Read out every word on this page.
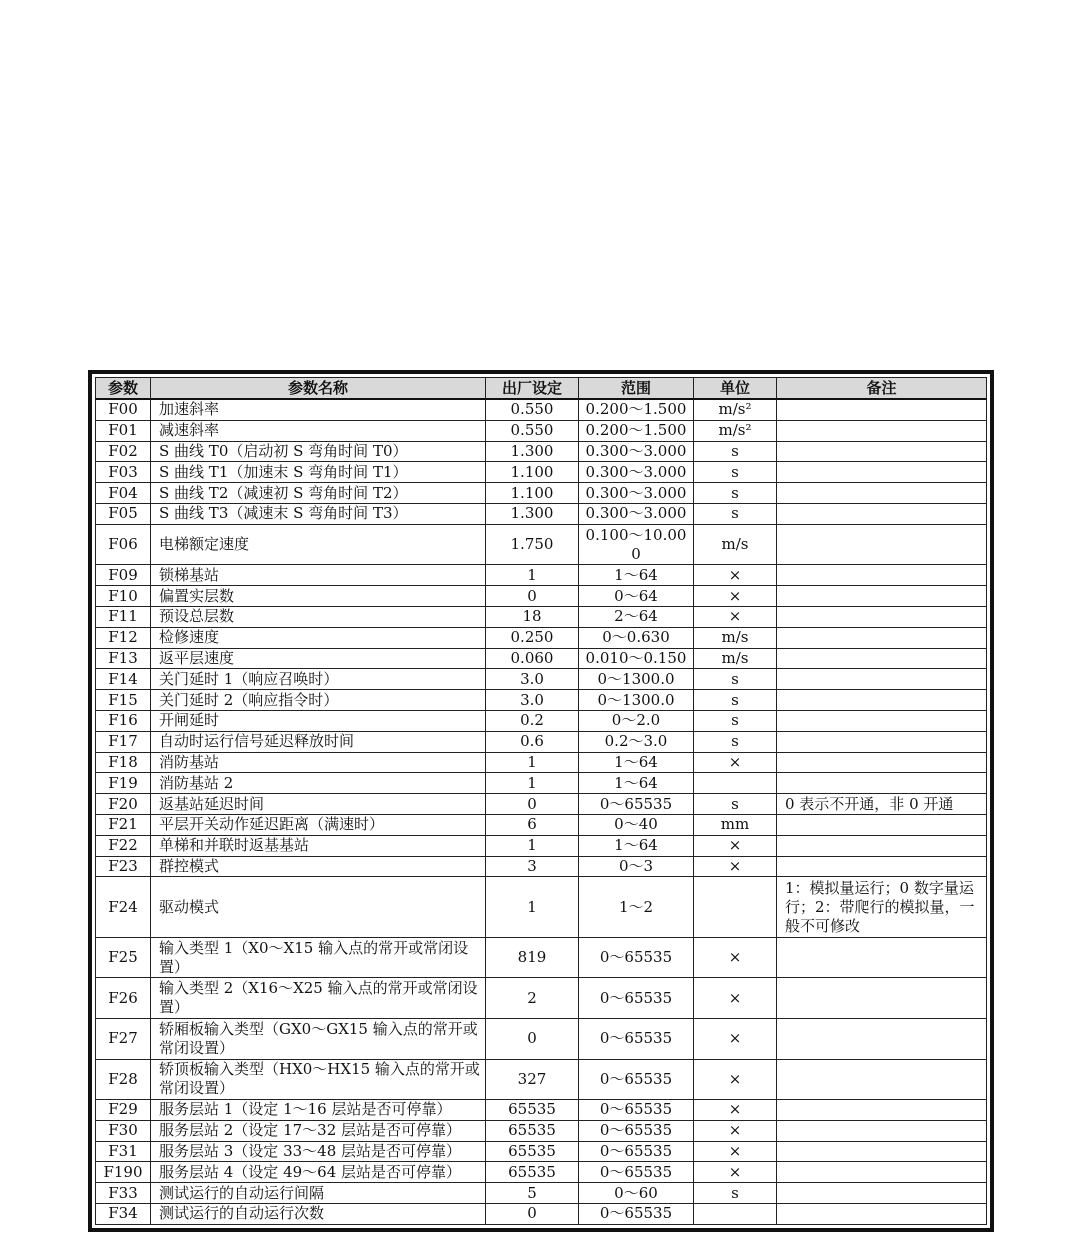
参数	参数名称	出厂设定	范围	单位	备注
F00	加速斜率	0.550	0.200～1.500	m/s²	
F01	减速斜率	0.550	0.200～1.500	m/s²	
F02	S 曲线 T0（启动初 S 弯角时间 T0）	1.300	0.300～3.000	s	
F03	S 曲线 T1（加速末 S 弯角时间 T1）	1.100	0.300～3.000	s	
F04	S 曲线 T2（减速初 S 弯角时间 T2）	1.100	0.300～3.000	s	
F05	S 曲线 T3（减速末 S 弯角时间 T3）	1.300	0.300～3.000	s	
F06	电梯额定速度	1.750	0.100～10.000	m/s	
F09	锁梯基站	1	1～64	×	
F10	偏置实层数	0	0～64	×	
F11	预设总层数	18	2～64	×	
F12	检修速度	0.250	0～0.630	m/s	
F13	返平层速度	0.060	0.010～0.150	m/s	
F14	关门延时 1（响应召唤时）	3.0	0～1300.0	s	
F15	关门延时 2（响应指令时）	3.0	0～1300.0	s	
F16	开闸延时	0.2	0～2.0	s	
F17	自动时运行信号延迟释放时间	0.6	0.2～3.0	s	
F18	消防基站	1	1～64	×	
F19	消防基站 2	1	1～64		
F20	返基站延迟时间	0	0～65535	s	0 表示不开通，非 0 开通
F21	平层开关动作延迟距离（满速时）	6	0～40	mm	
F22	单梯和并联时返基基站	1	1～64	×	
F23	群控模式	3	0～3	×	
F24	驱动模式	1	1～2		1：模拟量运行；0 数字量运行；2：带爬行的模拟量，一般不可修改
F25	输入类型 1（X0～X15 输入点的常开或常闭设置）	819	0～65535	×	
F26	输入类型 2（X16～X25 输入点的常开或常闭设置）	2	0～65535	×	
F27	轿厢板输入类型（GX0～GX15 输入点的常开或常闭设置）	0	0～65535	×	
F28	轿顶板输入类型（HX0～HX15 输入点的常开或常闭设置）	327	0～65535	×	
F29	服务层站 1（设定 1～16 层站是否可停靠）	65535	0～65535	×	
F30	服务层站 2（设定 17～32 层站是否可停靠）	65535	0～65535	×	
F31	服务层站 3（设定 33～48 层站是否可停靠）	65535	0～65535	×	
F190	服务层站 4（设定 49～64 层站是否可停靠）	65535	0～65535	×	
F33	测试运行的自动运行间隔	5	0～60	s	
F34	测试运行的自动运行次数	0	0～65535		
